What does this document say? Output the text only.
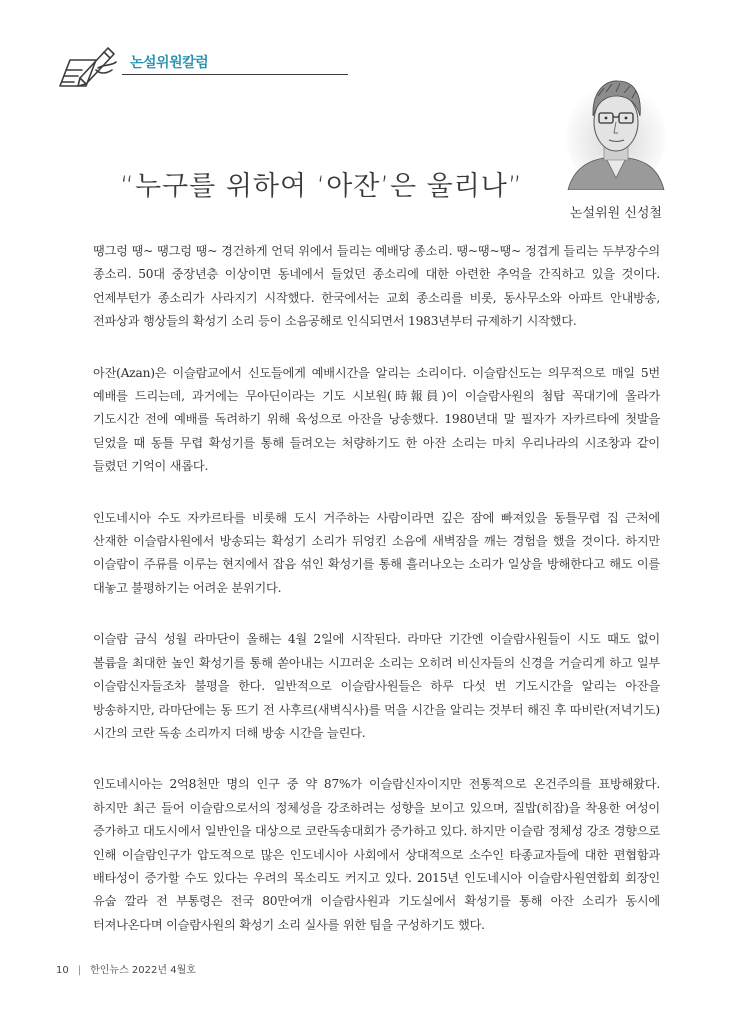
논설위원칼럼
“누구를 위하여 ‘아잔’은 울리나”
논설위원 신성철

땡그렁 땡~ 땡그렁 땡~ 경건하게 언덕 위에서 들리는 예배당 종소리. 땡~땡~땡~ 정겹게 들리는 두부장수의 종소리. 50대 중장년층 이상이면 동네에서 들었던 종소리에 대한 아련한 추억을 간직하고 있을 것이다. 언제부턴가 종소리가 사라지기 시작했다. 한국에서는 교회 종소리를 비롯, 동사무소와 아파트 안내방송, 전파상과 행상들의 확성기 소리 등이 소음공해로 인식되면서 1983년부터 규제하기 시작했다.

아잔(Azan)은 이슬람교에서 신도들에게 예배시간을 알리는 소리이다. 이슬람신도는 의무적으로 매일 5번 예배를 드리는데, 과거에는 무아딘이라는 기도 시보원(時報員)이 이슬람사원의 첨탑 꼭대기에 올라가 기도시간 전에 예배를 독려하기 위해 육성으로 아잔을 낭송했다. 1980년대 말 필자가 자카르타에 첫발을 딛었을 때 동틀 무렵 확성기를 통해 들려오는 처량하기도 한 아잔 소리는 마치 우리나라의 시조창과 같이 들렸던 기억이 새롭다.

인도네시아 수도 자카르타를 비롯해 도시 거주하는 사람이라면 깊은 잠에 빠져있을 동틀무렵 집 근처에 산재한 이슬람사원에서 방송되는 확성기 소리가 뒤엉킨 소음에 새벽잠을 깨는 경험을 했을 것이다. 하지만 이슬람이 주류를 이루는 현지에서 잡음 섞인 확성기를 통해 흘러나오는 소리가 일상을 방해한다고 해도 이를 대놓고 불평하기는 어려운 분위기다.

이슬람 금식 성월 라마단이 올해는 4월 2일에 시작된다. 라마단 기간엔 이슬람사원들이 시도 때도 없이 볼륨을 최대한 높인 확성기를 통해 쏟아내는 시끄러운 소리는 오히려 비신자들의 신경을 거슬리게 하고 일부 이슬람신자들조차 불평을 한다. 일반적으로 이슬람사원들은 하루 다섯 번 기도시간을 알리는 아잔을 방송하지만, 라마단에는 동 뜨기 전 사후르(새벽식사)를 먹을 시간을 알리는 것부터 해진 후 따비란(저녁기도) 시간의 코란 독송 소리까지 더해 방송 시간을 늘린다.

인도네시아는 2억8천만 명의 인구 중 약 87%가 이슬람신자이지만 전통적으로 온건주의를 표방해왔다. 하지만 최근 들어 이슬람으로서의 정체성을 강조하려는 성향을 보이고 있으며, 질밥(히잡)을 착용한 여성이 증가하고 대도시에서 일반인을 대상으로 코란독송대회가 증가하고 있다. 하지만 이슬람 정체성 강조 경향으로 인해 이슬람인구가 압도적으로 많은 인도네시아 사회에서 상대적으로 소수인 타종교자들에 대한 편협함과 배타성이 증가할 수도 있다는 우려의 목소리도 커지고 있다. 2015년 인도네시아 이슬람사원연합회 회장인 유숩 깔라 전 부통령은 전국 80만여개 이슬람사원과 기도실에서 확성기를 통해 아잔 소리가 동시에 터져나온다며 이슬람사원의 확성기 소리 실사를 위한 팀을 구성하기도 했다.

10 | 한인뉴스 2022년 4월호
